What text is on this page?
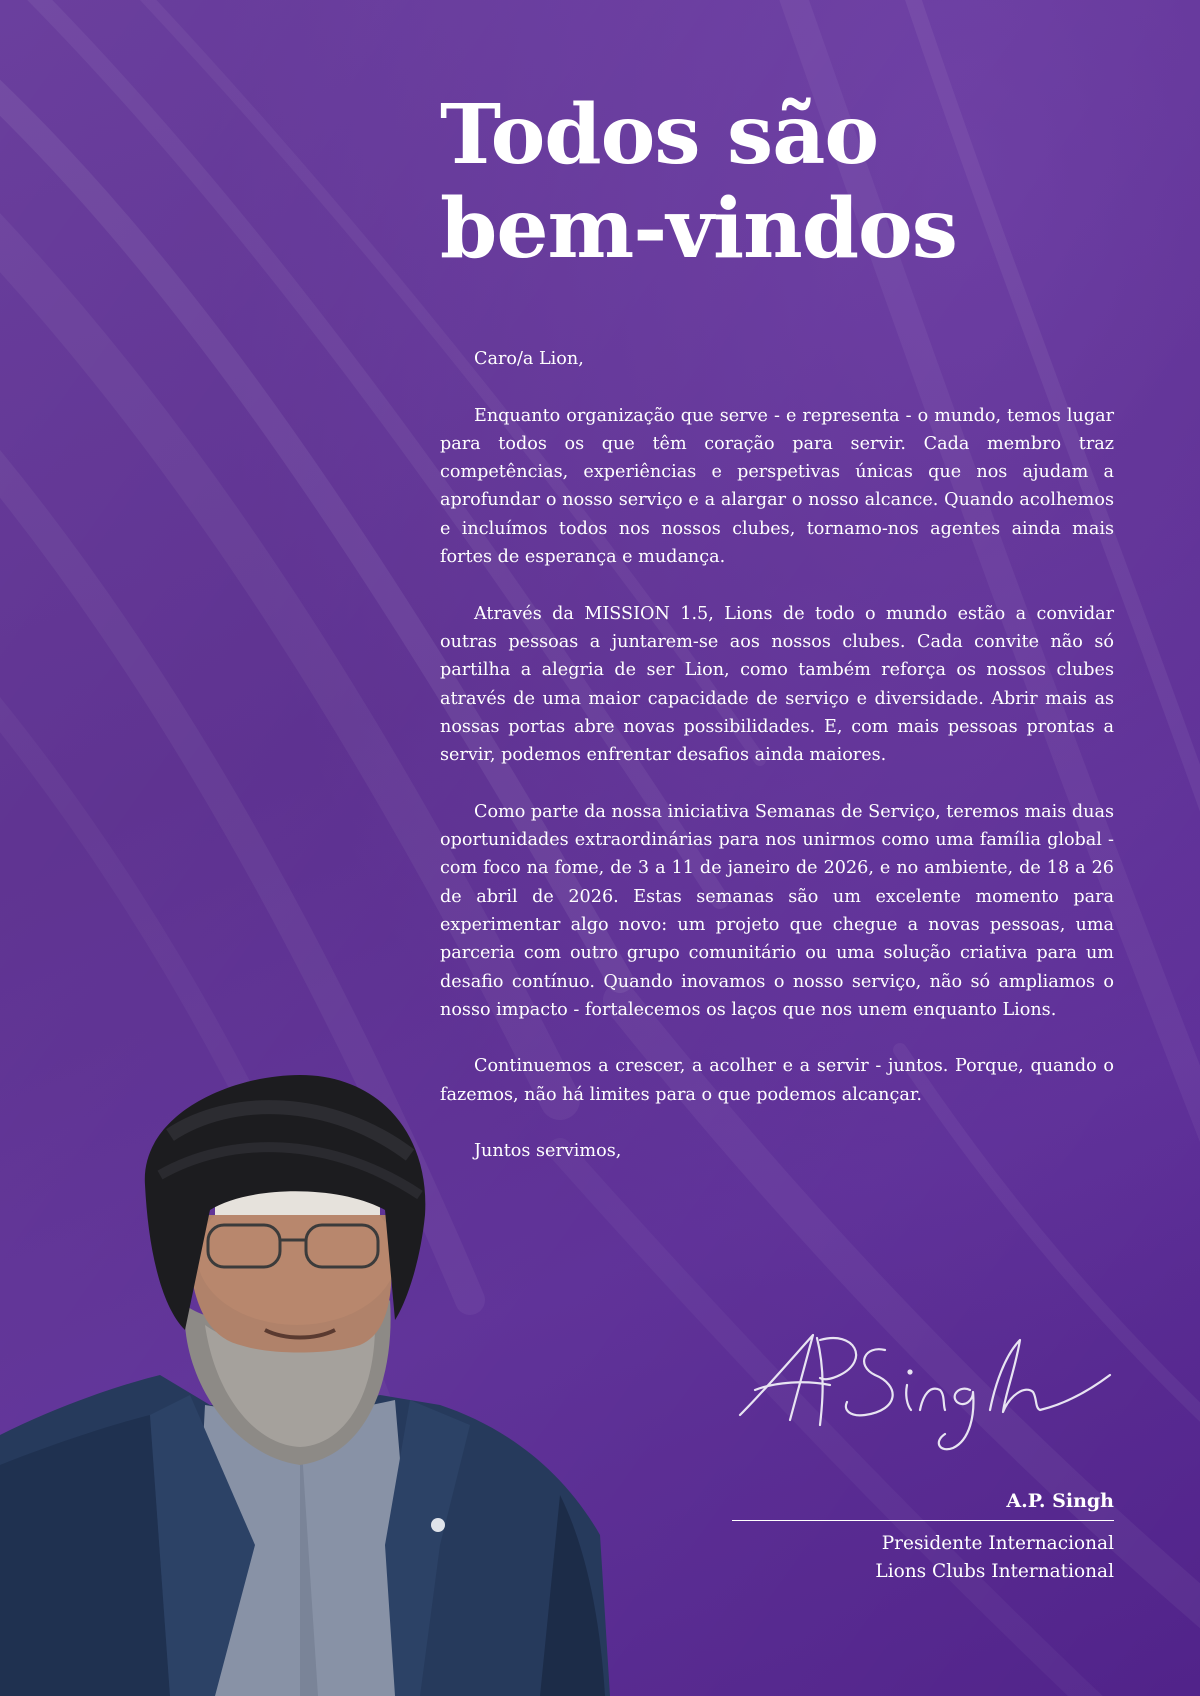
Todos são
bem-vindos

Caro/a Lion,

Enquanto organização que serve - e representa - o mundo, temos lugar para todos os que têm coração para servir. Cada membro traz competências, experiências e perspetivas únicas que nos ajudam a aprofundar o nosso serviço e a alargar o nosso alcance. Quando acolhemos e incluímos todos nos nossos clubes, tornamo-nos agentes ainda mais fortes de esperança e mudança.

Através da MISSION 1.5, Lions de todo o mundo estão a convidar outras pessoas a juntarem-se aos nossos clubes. Cada convite não só partilha a alegria de ser Lion, como também reforça os nossos clubes através de uma maior capacidade de serviço e diversidade. Abrir mais as nossas portas abre novas possibilidades. E, com mais pessoas prontas a servir, podemos enfrentar desafios ainda maiores.

Como parte da nossa iniciativa Semanas de Serviço, teremos mais duas oportunidades extraordinárias para nos unirmos como uma família global - com foco na fome, de 3 a 11 de janeiro de 2026, e no ambiente, de 18 a 26 de abril de 2026. Estas semanas são um excelente momento para experimentar algo novo: um projeto que chegue a novas pessoas, uma parceria com outro grupo comunitário ou uma solução criativa para um desafio contínuo. Quando inovamos o nosso serviço, não só ampliamos o nosso impacto - fortalecemos os laços que nos unem enquanto Lions.

Continuemos a crescer, a acolher e a servir - juntos. Porque, quando o fazemos, não há limites para o que podemos alcançar.

Juntos servimos,

A.P. Singh
Presidente Internacional
Lions Clubs International
